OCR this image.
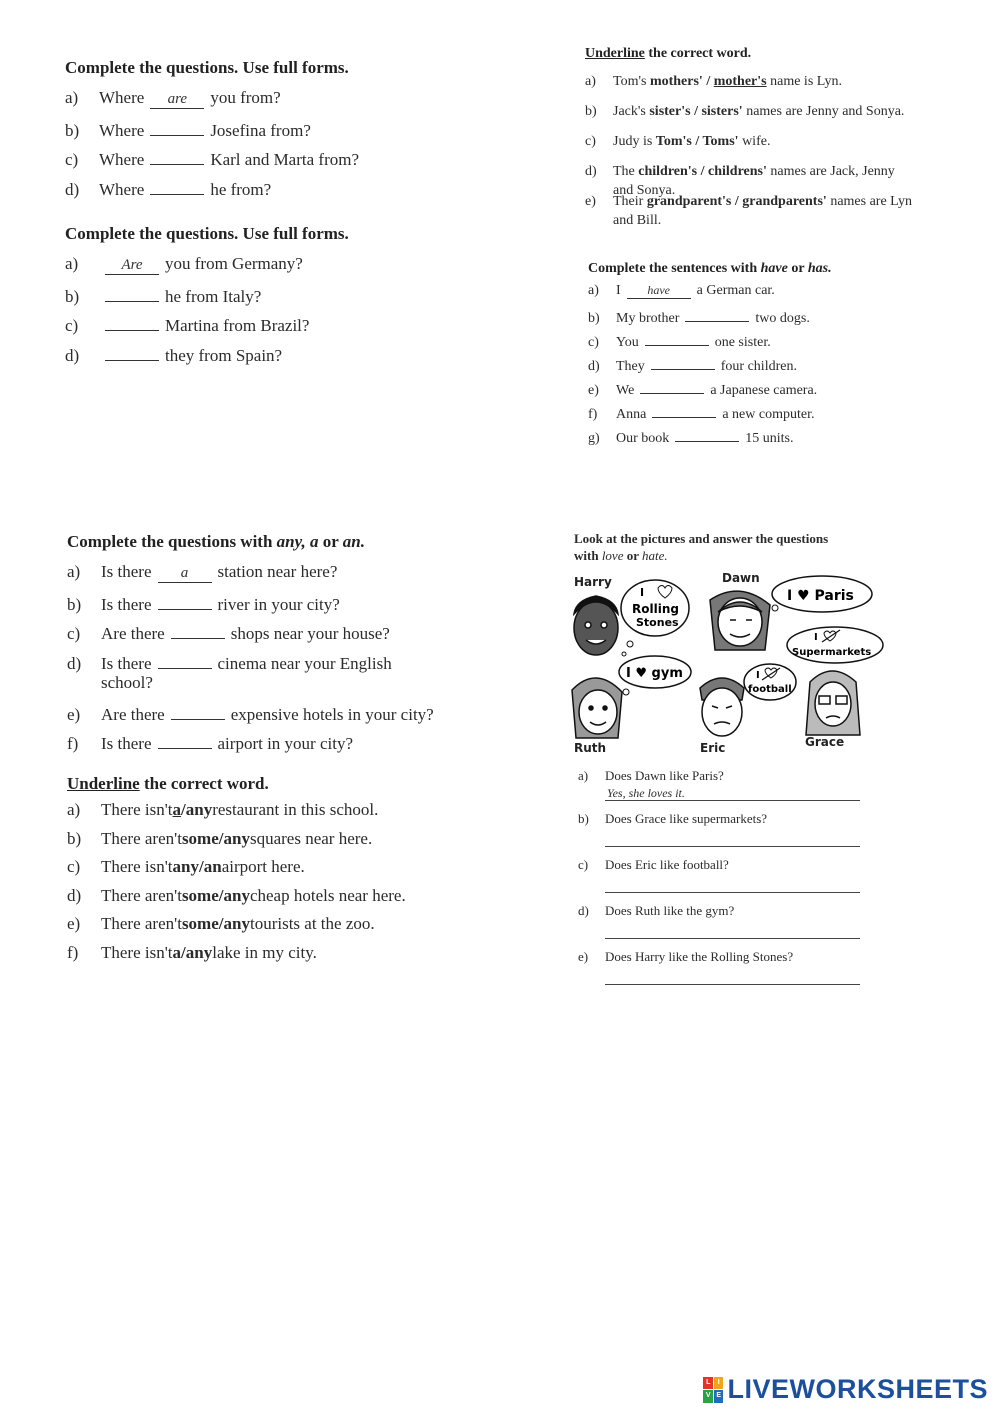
Complete the questions. Use full forms.
a)	Where	are	you from?
b)	Where	Josefina from?
c)	Where	Karl and Marta from?
d)	Where	he from?
Complete the questions. Use full forms.
a)	Are	you from Germany?
b)	he from Italy?
c)	Martina from Brazil?
d)	they from Spain?
Underline the correct word.
a)	Tom's mothers' / mother's name is Lyn.
b)	Jack's sister's / sisters' names are Jenny and Sonya.
c)	Judy is Tom's / Toms' wife.
d)	The children's / childrens' names are Jack, Jenny and Sonya.
e)	Their grandparent's / grandparents' names are Lyn and Bill.
Complete the sentences with have or has.
a)	I	have	a German car.
b)	My brother	two dogs.
c)	You	one sister.
d)	They	four children.
e)	We	a Japanese camera.
f)	Anna	a new computer.
g)	Our book	15 units.
Complete the questions with any, a or an.
a)	Is there	a	station near here?
b)	Is there	river in your city?
c)	Are there	shops near your house?
d)	Is there	cinema near your English
school?
e)	Are there	expensive hotels in your city?
f)	Is there	airport in your city?
Underline the correct word.
a)	There isn't a / any restaurant in this school.
b)	There aren't some / any squares near here.
c)	There isn't any / an airport here.
d)	There aren't some / any cheap hotels near here.
e)	There aren't some / any tourists at the zoo.
f)	There isn't a / any lake in my city.
Look at the pictures and answer the questions
with love or hate.
Harry	Dawn
Ruth	Eric	Grace
I
Rolling
Stones
I ♥ Paris
I
Supermarkets
I ♥ gym	I
football
a)	Does Dawn like Paris?
Yes, she loves it.
b)	Does Grace like supermarkets?
c)	Does Eric like football?
d)	Does Ruth like the gym?
e)	Does Harry like the Rolling Stones?
L	I
V E LIVEWORKSHEETS
